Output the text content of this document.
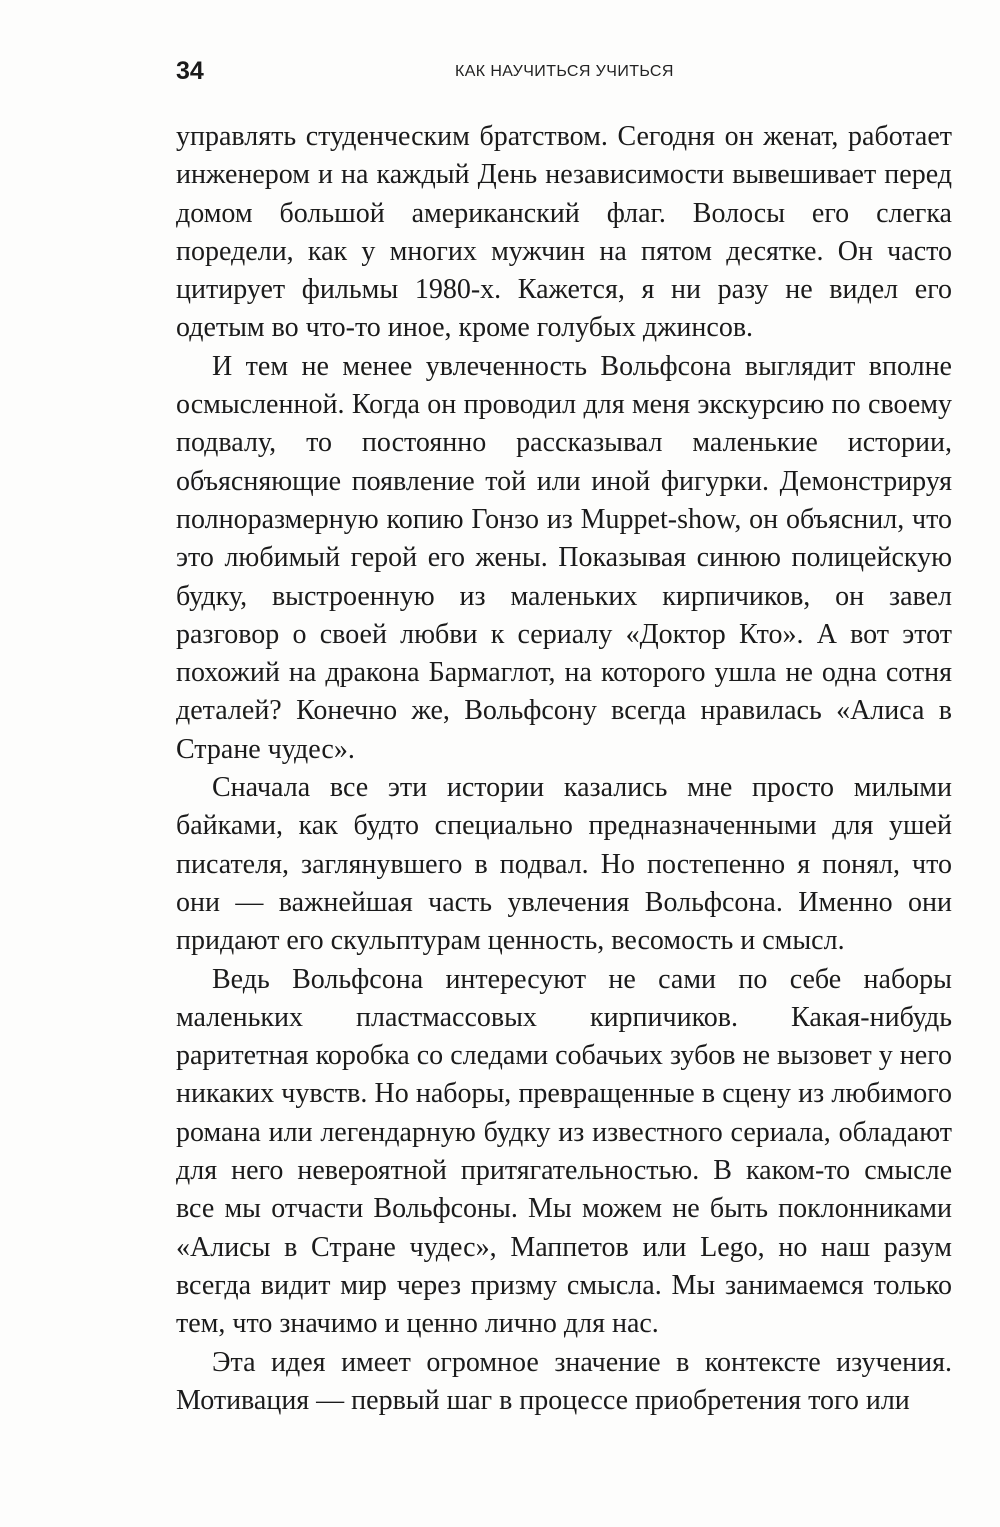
34	КАК НАУЧИТЬСЯ УЧИТЬСЯ

управлять студенческим братством. Сегодня он женат, работает инженером и на каждый День независимости вывешивает перед домом большой американский флаг. Волосы его слегка поредели, как у многих мужчин на пятом десятке. Он часто цитирует фильмы 1980-х. Кажется, я ни разу не видел его одетым во что-то иное, кроме голубых джинсов.

И тем не менее увлеченность Вольфсона выглядит вполне осмысленной. Когда он проводил для меня экскурсию по своему подвалу, то постоянно рассказывал маленькие истории, объясняющие появление той или иной фигурки. Демонстрируя полноразмерную копию Гонзо из Muppet-show, он объяснил, что это любимый герой его жены. Показывая синюю полицейскую будку, выстроенную из маленьких кирпичиков, он завел разговор о своей любви к сериалу «Доктор Кто». А вот этот похожий на дракона Бармаглот, на которого ушла не одна сотня деталей? Конечно же, Вольфсону всегда нравилась «Алиса в Стране чудес».

Сначала все эти истории казались мне просто милыми байками, как будто специально предназначенными для ушей писателя, заглянувшего в подвал. Но постепенно я понял, что они — важнейшая часть увлечения Вольфсона. Именно они придают его скульптурам ценность, весомость и смысл.

Ведь Вольфсона интересуют не сами по себе наборы маленьких пластмассовых кирпичиков. Какая-нибудь раритетная коробка со следами собачьих зубов не вызовет у него никаких чувств. Но наборы, превращенные в сцену из любимого романа или легендарную будку из известного сериала, обладают для него невероятной притягательностью. В каком-то смысле все мы отчасти Вольфсоны. Мы можем не быть поклонниками «Алисы в Стране чудес», Маппетов или Lego, но наш разум всегда видит мир через призму смысла. Мы занимаемся только тем, что значимо и ценно лично для нас.

Эта идея имеет огромное значение в контексте изучения. Мотивация — первый шаг в процессе приобретения того или
